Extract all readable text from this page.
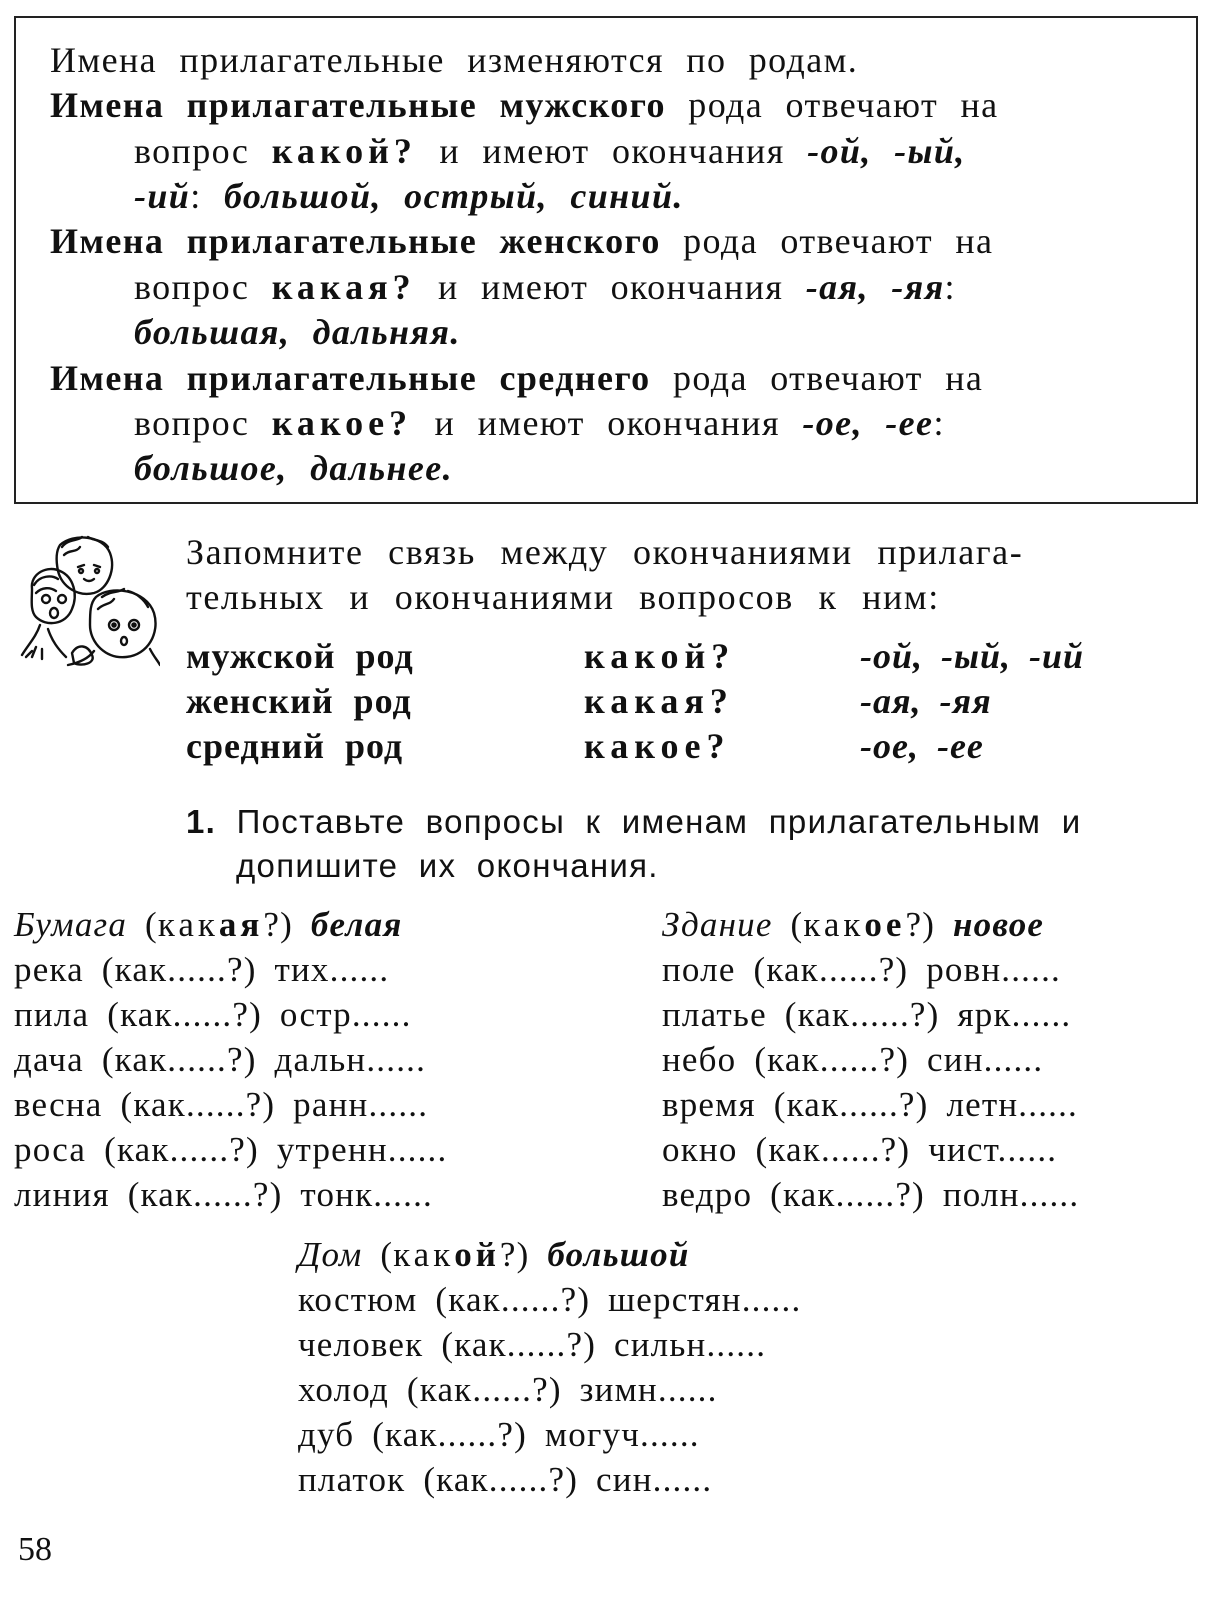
Имена прилагательные изменяются по родам.
Имена прилагательные мужского рода отвечают на
вопрос какой? и имеют окончания -ой, -ый,
-ий: большой, острый, синий.
Имена прилагательные женского рода отвечают на
вопрос какая? и имеют окончания -ая, -яя:
большая, дальняя.
Имена прилагательные среднего рода отвечают на
вопрос какое? и имеют окончания -ое, -ее:
большое, дальнее.
Запомните связь между окончаниями прилага-
тельных и окончаниями вопросов к ним:
мужской род	какой?	-ой, -ый, -ий
женский род	какая?	-ая, -яя
средний род	какое?	-ое, -ее
1. Поставьте вопросы к именам прилагательным и
допишите их окончания.
Бумага (какая?) белая
река (как......?) тих......
пила (как......?) остр......
дача (как......?) дальн......
весна (как......?) ранн......
роса (как......?) утренн......
линия (как......?) тонк......
Здание (какое?) новое
поле (как......?) ровн......
платье (как......?) ярк......
небо (как......?) син......
время (как......?) летн......
окно (как......?) чист......
ведро (как......?) полн......
Дом (какой?) большой
костюм (как......?) шерстян......
человек (как......?) сильн......
холод (как......?) зимн......
дуб (как......?) могуч......
платок (как......?) син......
58
